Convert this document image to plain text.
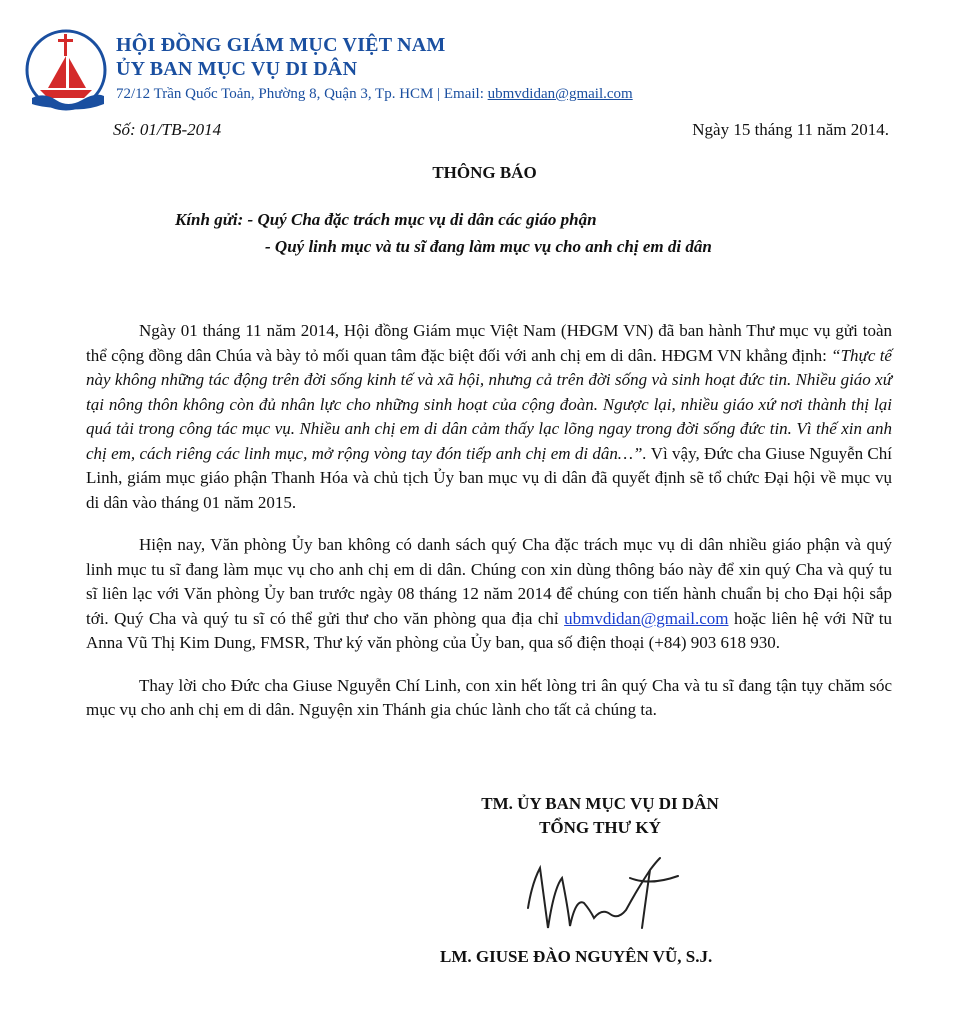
HỘI ĐỒNG GIÁM MỤC VIỆT NAM
ỦY BAN MỤC VỤ DI DÂN
72/12 Trần Quốc Toản, Phường 8, Quận 3, Tp. HCM | Email: ubmvdidan@gmail.com
Số: 01/TB-2014	Ngày 15 tháng 11 năm 2014.
THÔNG BÁO
Kính gửi: - Quý Cha đặc trách mục vụ di dân các giáo phận
- Quý linh mục và tu sĩ đang làm mục vụ cho anh chị em di dân

Ngày 01 tháng 11 năm 2014, Hội đồng Giám mục Việt Nam (HĐGM VN) đã ban hành Thư mục vụ gửi toàn thể cộng đồng dân Chúa và bày tỏ mối quan tâm đặc biệt đối với anh chị em di dân. HĐGM VN khẳng định: “Thực tế này không những tác động trên đời sống kinh tế và xã hội, nhưng cả trên đời sống và sinh hoạt đức tin. Nhiều giáo xứ tại nông thôn không còn đủ nhân lực cho những sinh hoạt của cộng đoàn. Ngược lại, nhiều giáo xứ nơi thành thị lại quá tải trong công tác mục vụ. Nhiều anh chị em di dân cảm thấy lạc lõng ngay trong đời sống đức tin. Vì thế xin anh chị em, cách riêng các linh mục, mở rộng vòng tay đón tiếp anh chị em di dân…”. Vì vậy, Đức cha Giuse Nguyễn Chí Linh, giám mục giáo phận Thanh Hóa và chủ tịch Ủy ban mục vụ di dân đã quyết định sẽ tổ chức Đại hội về mục vụ di dân vào tháng 01 năm 2015.

Hiện nay, Văn phòng Ủy ban không có danh sách quý Cha đặc trách mục vụ di dân nhiều giáo phận và quý linh mục tu sĩ đang làm mục vụ cho anh chị em di dân. Chúng con xin dùng thông báo này để xin quý Cha và quý tu sĩ liên lạc với Văn phòng Ủy ban trước ngày 08 tháng 12 năm 2014 để chúng con tiến hành chuẩn bị cho Đại hội sắp tới. Quý Cha và quý tu sĩ có thể gửi thư cho văn phòng qua địa chỉ ubmvdidan@gmail.com hoặc liên hệ với Nữ tu Anna Vũ Thị Kim Dung, FMSR, Thư ký văn phòng của Ủy ban, qua số điện thoại (+84) 903 618 930.

Thay lời cho Đức cha Giuse Nguyễn Chí Linh, con xin hết lòng tri ân quý Cha và tu sĩ đang tận tụy chăm sóc mục vụ cho anh chị em di dân. Nguyện xin Thánh gia chúc lành cho tất cả chúng ta.

TM. ỦY BAN MỤC VỤ DI DÂN
TỔNG THƯ KÝ
LM. GIUSE ĐÀO NGUYÊN VŨ, S.J.
